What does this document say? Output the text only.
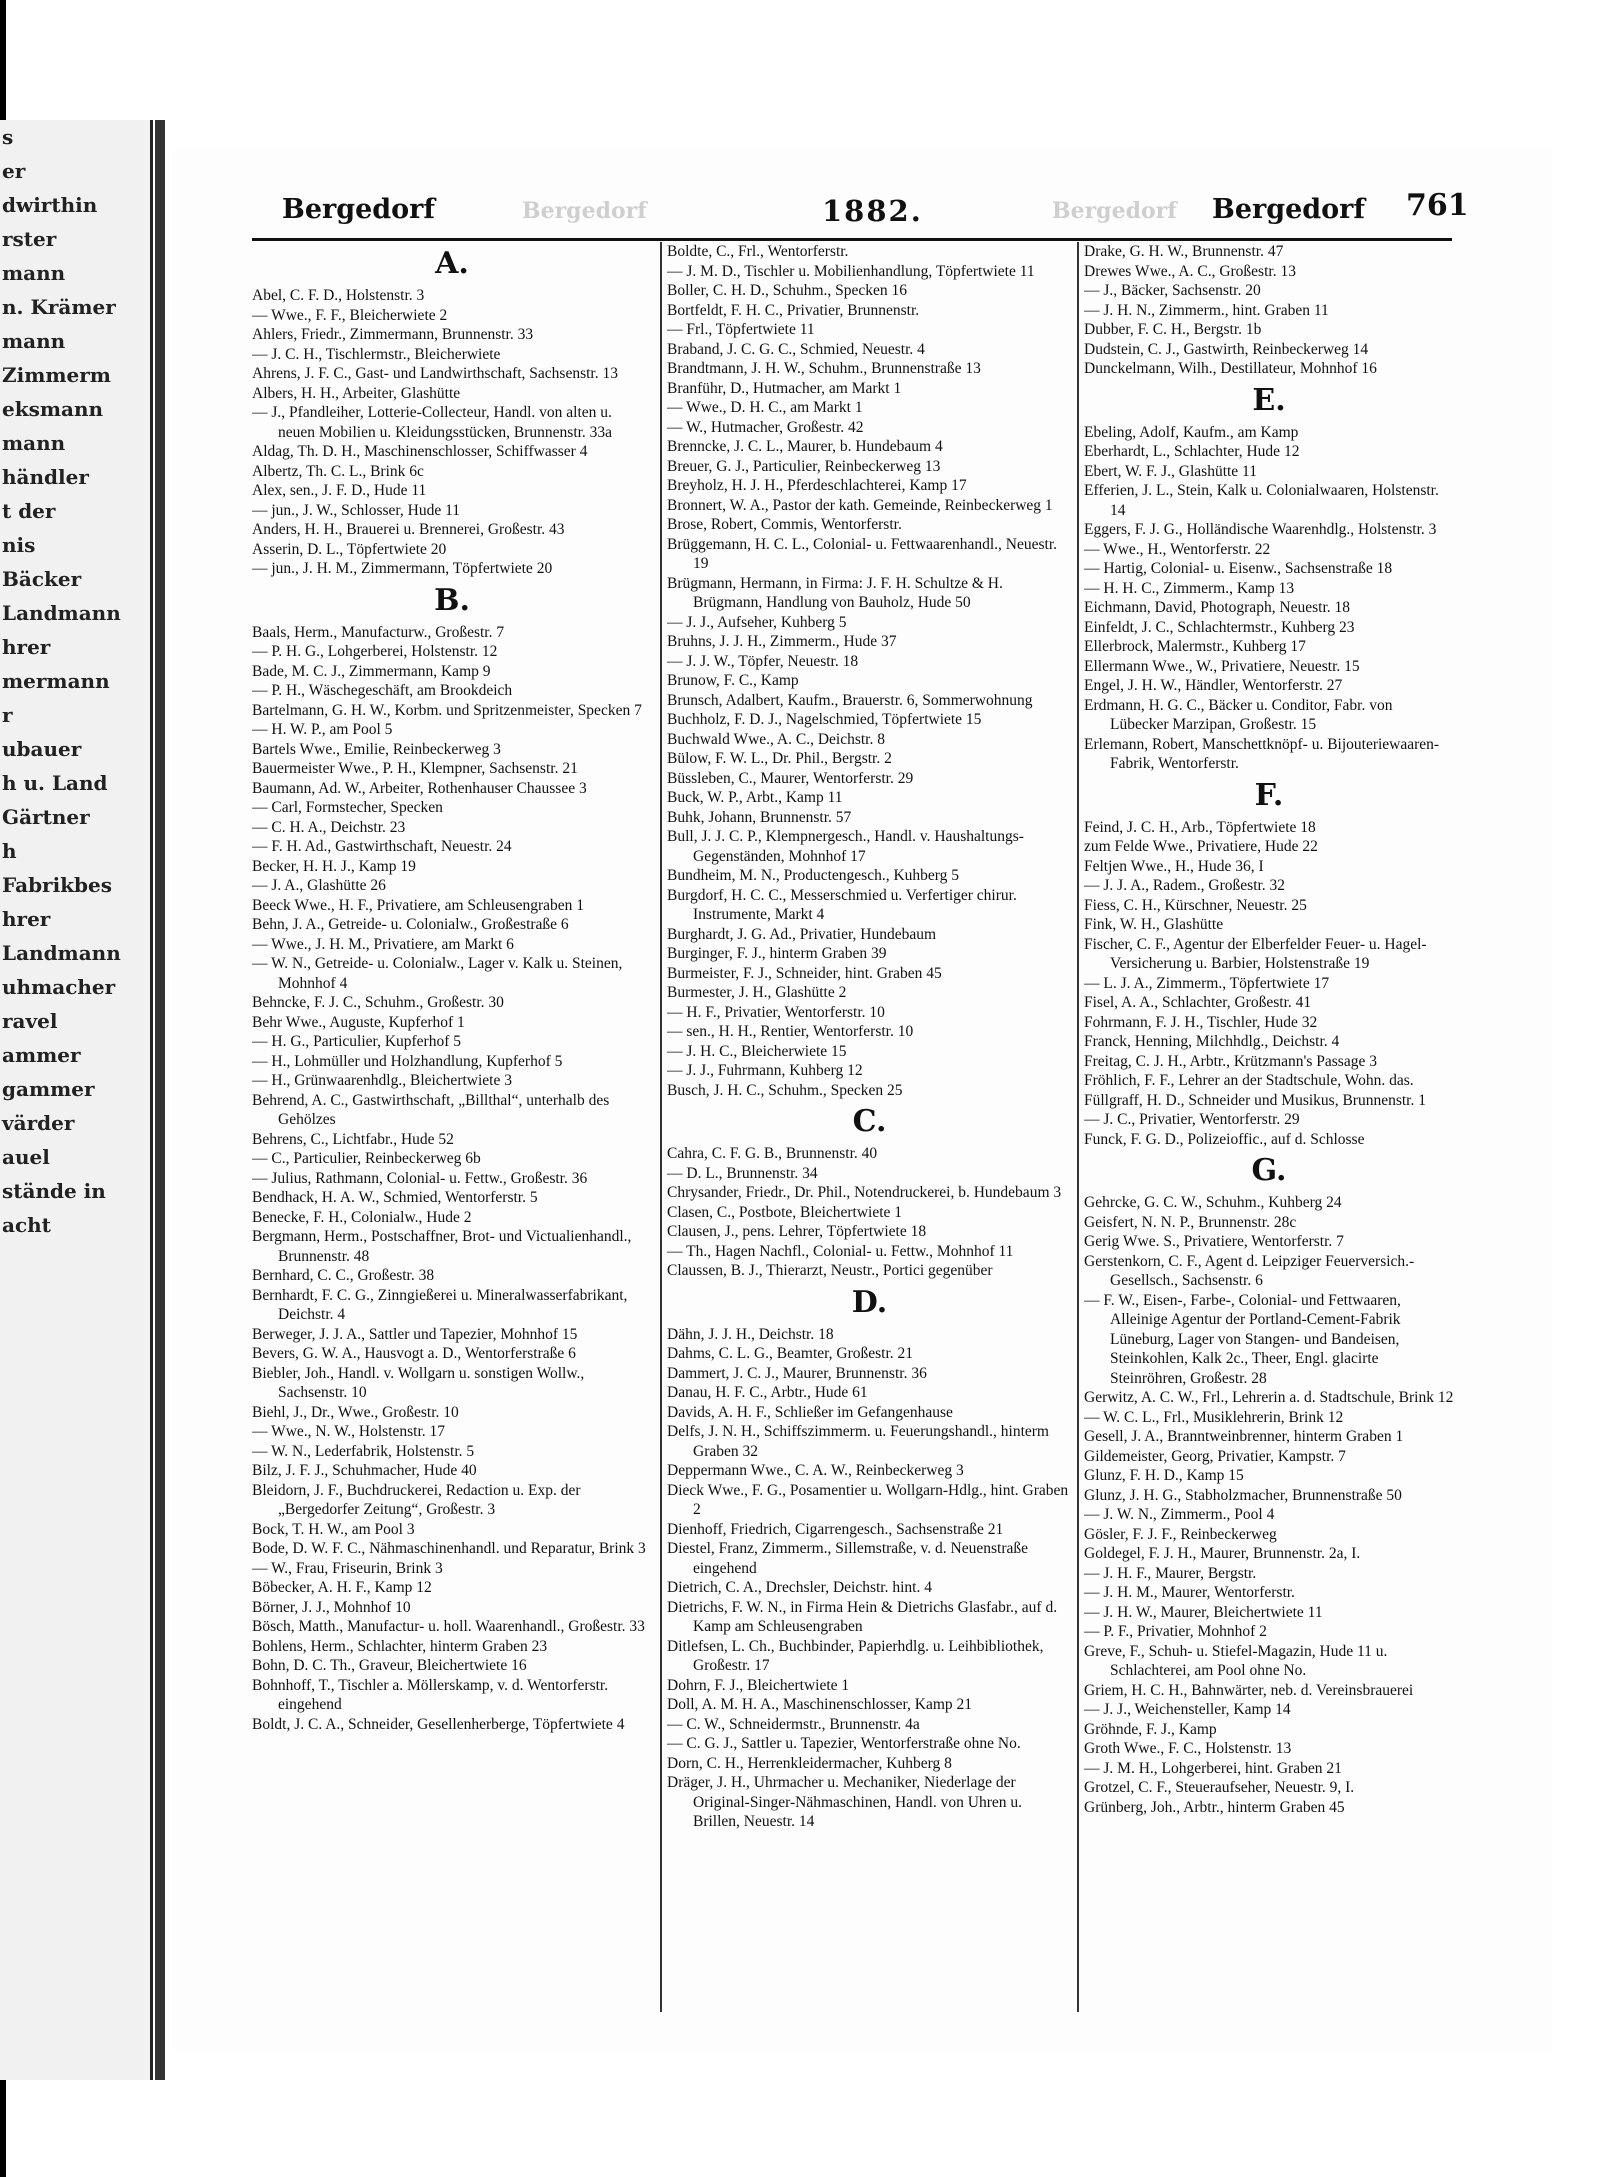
s
er
dwirthin
rster
mann
n. Krämer
mann
Zimmerm
eksmann
mann
händler
t der
nis
Bäcker
Landmann
hrer
mermann
r
ubauer
h u. Land
Gärtner
h
Fabrikbes
hrer
Landmann
uhmacher
ravel
ammer
gammer
värder
auel
stände in
acht
Bergedorf	Bergedorf	1882.	Bergedorf Bergedorf 761
A.
Abel, C. F. D., Holstenstr. 3
— Wwe., F. F., Bleicherwiete 2
Ahlers, Friedr., Zimmermann, Brunnenstr. 33
— J. C. H., Tischlermstr., Bleicherwiete
Ahrens, J. F. C., Gast- und Landwirthschaft, Sachsenstr. 13
Albers, H. H., Arbeiter, Glashütte
— J., Pfandleiher, Lotterie-Collecteur, Handl. von alten u. neuen Mobilien u. Kleidungsstücken, Brunnenstr. 33a
Aldag, Th. D. H., Maschinenschlosser, Schiffwasser 4
Albertz, Th. C. L., Brink 6c
Alex, sen., J. F. D., Hude 11
— jun., J. W., Schlosser, Hude 11
Anders, H. H., Brauerei u. Brennerei, Großestr. 43
Asserin, D. L., Töpfertwiete 20
— jun., J. H. M., Zimmermann, Töpfertwiete 20
B.
Baals, Herm., Manufacturw., Großestr. 7
— P. H. G., Lohgerberei, Holstenstr. 12
Bade, M. C. J., Zimmermann, Kamp 9
— P. H., Wäschegeschäft, am Brookdeich
Bartelmann, G. H. W., Korbm. und Spritzenmeister, Specken 7
— H. W. P., am Pool 5
Bartels Wwe., Emilie, Reinbeckerweg 3
Bauermeister Wwe., P. H., Klempner, Sachsenstr. 21
Baumann, Ad. W., Arbeiter, Rothenhauser Chaussee 3
— Carl, Formstecher, Specken
— C. H. A., Deichstr. 23
— F. H. Ad., Gastwirthschaft, Neuestr. 24
Becker, H. H. J., Kamp 19
— J. A., Glashütte 26
Beeck Wwe., H. F., Privatiere, am Schleusengraben 1
Behn, J. A., Getreide- u. Colonialw., Großestraße 6
— Wwe., J. H. M., Privatiere, am Markt 6
— W. N., Getreide- u. Colonialw., Lager v. Kalk u. Steinen, Mohnhof 4
Behncke, F. J. C., Schuhm., Großestr. 30
Behr Wwe., Auguste, Kupferhof 1
— H. G., Particulier, Kupferhof 5
— H., Lohmüller und Holzhandlung, Kupferhof 5
— H., Grünwaarenhdlg., Bleichertwiete 3
Behrend, A. C., Gastwirthschaft, „Billthal“, unterhalb des Gehölzes
Behrens, C., Lichtfabr., Hude 52
— C., Particulier, Reinbeckerweg 6b
— Julius, Rathmann, Colonial- u. Fettw., Großestr. 36
Bendhack, H. A. W., Schmied, Wentorferstr. 5
Benecke, F. H., Colonialw., Hude 2
Bergmann, Herm., Postschaffner, Brot- und Victualienhandl., Brunnenstr. 48
Bernhard, C. C., Großestr. 38
Bernhardt, F. C. G., Zinngießerei u. Mineralwasserfabrikant, Deichstr. 4
Berweger, J. J. A., Sattler und Tapezier, Mohnhof 15
Bevers, G. W. A., Hausvogt a. D., Wentorferstraße 6
Biebler, Joh., Handl. v. Wollgarn u. sonstigen Wollw., Sachsenstr. 10
Biehl, J., Dr., Wwe., Großestr. 10
— Wwe., N. W., Holstenstr. 17
— W. N., Lederfabrik, Holstenstr. 5
Bilz, J. F. J., Schuhmacher, Hude 40
Bleidorn, J. F., Buchdruckerei, Redaction u. Exp. der „Bergedorfer Zeitung“, Großestr. 3
Bock, T. H. W., am Pool 3
Bode, D. W. F. C., Nähmaschinenhandl. und Reparatur, Brink 3
— W., Frau, Friseurin, Brink 3
Böbecker, A. H. F., Kamp 12
Börner, J. J., Mohnhof 10
Bösch, Matth., Manufactur- u. holl. Waarenhandl., Großestr. 33
Bohlens, Herm., Schlachter, hinterm Graben 23
Bohn, D. C. Th., Graveur, Bleichertwiete 16
Bohnhoff, T., Tischler a. Möllerskamp, v. d. Wentorferstr. eingehend
Boldt, J. C. A., Schneider, Gesellenherberge, Töpfertwiete 4
Boldte, C., Frl., Wentorferstr.
— J. M. D., Tischler u. Mobilienhandlung, Töpfertwiete 11
Boller, C. H. D., Schuhm., Specken 16
Bortfeldt, F. H. C., Privatier, Brunnenstr.
— Frl., Töpfertwiete 11
Braband, J. C. G. C., Schmied, Neuestr. 4
Brandtmann, J. H. W., Schuhm., Brunnenstraße 13
Branführ, D., Hutmacher, am Markt 1
— Wwe., D. H. C., am Markt 1
— W., Hutmacher, Großestr. 42
Brenncke, J. C. L., Maurer, b. Hundebaum 4
Breuer, G. J., Particulier, Reinbeckerweg 13
Breyholz, H. J. H., Pferdeschlachterei, Kamp 17
Bronnert, W. A., Pastor der kath. Gemeinde, Reinbeckerweg 1
Brose, Robert, Commis, Wentorferstr.
Brüggemann, H. C. L., Colonial- u. Fettwaarenhandl., Neuestr. 19
Brügmann, Hermann, in Firma: J. F. H. Schultze & H. Brügmann, Handlung von Bauholz, Hude 50
— J. J., Aufseher, Kuhberg 5
Bruhns, J. J. H., Zimmerm., Hude 37
— J. J. W., Töpfer, Neuestr. 18
Brunow, F. C., Kamp
Brunsch, Adalbert, Kaufm., Brauerstr. 6, Sommerwohnung
Buchholz, F. D. J., Nagelschmied, Töpfertwiete 15
Buchwald Wwe., A. C., Deichstr. 8
Bülow, F. W. L., Dr. Phil., Bergstr. 2
Büssleben, C., Maurer, Wentorferstr. 29
Buck, W. P., Arbt., Kamp 11
Buhk, Johann, Brunnenstr. 57
Bull, J. J. C. P., Klempnergesch., Handl. v. Haushaltungs-Gegenständen, Mohnhof 17
Bundheim, M. N., Productengesch., Kuhberg 5
Burgdorf, H. C. C., Messerschmied u. Verfertiger chirur. Instrumente, Markt 4
Burghardt, J. G. Ad., Privatier, Hundebaum
Burginger, F. J., hinterm Graben 39
Burmeister, F. J., Schneider, hint. Graben 45
Burmester, J. H., Glashütte 2
— H. F., Privatier, Wentorferstr. 10
— sen., H. H., Rentier, Wentorferstr. 10
— J. H. C., Bleicherwiete 15
— J. J., Fuhrmann, Kuhberg 12
Busch, J. H. C., Schuhm., Specken 25
C.
Cahra, C. F. G. B., Brunnenstr. 40
— D. L., Brunnenstr. 34
Chrysander, Friedr., Dr. Phil., Notendruckerei, b. Hundebaum 3
Clasen, C., Postbote, Bleichertwiete 1
Clausen, J., pens. Lehrer, Töpfertwiete 18
— Th., Hagen Nachfl., Colonial- u. Fettw., Mohnhof 11
Claussen, B. J., Thierarzt, Neustr., Portici gegenüber
D.
Dähn, J. J. H., Deichstr. 18
Dahms, C. L. G., Beamter, Großestr. 21
Dammert, J. C. J., Maurer, Brunnenstr. 36
Danau, H. F. C., Arbtr., Hude 61
Davids, A. H. F., Schließer im Gefangenhause
Delfs, J. N. H., Schiffszimmerm. u. Feuerungshandl., hinterm Graben 32
Deppermann Wwe., C. A. W., Reinbeckerweg 3
Dieck Wwe., F. G., Posamentier u. Wollgarn-Hdlg., hint. Graben 2
Dienhoff, Friedrich, Cigarrengesch., Sachsenstraße 21
Diestel, Franz, Zimmerm., Sillemstraße, v. d. Neuenstraße eingehend
Dietrich, C. A., Drechsler, Deichstr. hint. 4
Dietrichs, F. W. N., in Firma Hein & Dietrichs Glasfabr., auf d. Kamp am Schleusengraben
Ditlefsen, L. Ch., Buchbinder, Papierhdlg. u. Leihbibliothek, Großestr. 17
Dohrn, F. J., Bleichertwiete 1
Doll, A. M. H. A., Maschinenschlosser, Kamp 21
— C. W., Schneidermstr., Brunnenstr. 4a
— C. G. J., Sattler u. Tapezier, Wentorferstraße ohne No.
Dorn, C. H., Herrenkleidermacher, Kuhberg 8
Dräger, J. H., Uhrmacher u. Mechaniker, Niederlage der Original-Singer-Nähmaschinen, Handl. von Uhren u. Brillen, Neuestr. 14
Drake, G. H. W., Brunnenstr. 47
Drewes Wwe., A. C., Großestr. 13
— J., Bäcker, Sachsenstr. 20
— J. H. N., Zimmerm., hint. Graben 11
Dubber, F. C. H., Bergstr. 1b
Dudstein, C. J., Gastwirth, Reinbeckerweg 14
Dunckelmann, Wilh., Destillateur, Mohnhof 16
E.
Ebeling, Adolf, Kaufm., am Kamp
Eberhardt, L., Schlachter, Hude 12
Ebert, W. F. J., Glashütte 11
Efferien, J. L., Stein, Kalk u. Colonialwaaren, Holstenstr. 14
Eggers, F. J. G., Holländische Waarenhdlg., Holstenstr. 3
— Wwe., H., Wentorferstr. 22
— Hartig, Colonial- u. Eisenw., Sachsenstraße 18
— H. H. C., Zimmerm., Kamp 13
Eichmann, David, Photograph, Neuestr. 18
Einfeldt, J. C., Schlachtermstr., Kuhberg 23
Ellerbrock, Malermstr., Kuhberg 17
Ellermann Wwe., W., Privatiere, Neuestr. 15
Engel, J. H. W., Händler, Wentorferstr. 27
Erdmann, H. G. C., Bäcker u. Conditor, Fabr. von Lübecker Marzipan, Großestr. 15
Erlemann, Robert, Manschettknöpf- u. Bijouteriewaaren-Fabrik, Wentorferstr.
F.
Feind, J. C. H., Arb., Töpfertwiete 18
zum Felde Wwe., Privatiere, Hude 22
Feltjen Wwe., H., Hude 36, I
— J. J. A., Radem., Großestr. 32
Fiess, C. H., Kürschner, Neuestr. 25
Fink, W. H., Glashütte
Fischer, C. F., Agentur der Elberfelder Feuer- u. Hagel-Versicherung u. Barbier, Holstenstraße 19
— L. J. A., Zimmerm., Töpfertwiete 17
Fisel, A. A., Schlachter, Großestr. 41
Fohrmann, F. J. H., Tischler, Hude 32
Franck, Henning, Milchhdlg., Deichstr. 4
Freitag, C. J. H., Arbtr., Krützmann's Passage 3
Fröhlich, F. F., Lehrer an der Stadtschule, Wohn. das.
Füllgraff, H. D., Schneider und Musikus, Brunnenstr. 1
— J. C., Privatier, Wentorferstr. 29
Funck, F. G. D., Polizeioffic., auf d. Schlosse
G.
Gehrcke, G. C. W., Schuhm., Kuhberg 24
Geisfert, N. N. P., Brunnenstr. 28c
Gerig Wwe. S., Privatiere, Wentorferstr. 7
Gerstenkorn, C. F., Agent d. Leipziger Feuerversich.-Gesellsch., Sachsenstr. 6
— F. W., Eisen-, Farbe-, Colonial- und Fettwaaren, Alleinige Agentur der Portland-Cement-Fabrik Lüneburg, Lager von Stangen- und Bandeisen, Steinkohlen, Kalk 2c., Theer, Engl. glacirte Steinröhren, Großestr. 28
Gerwitz, A. C. W., Frl., Lehrerin a. d. Stadtschule, Brink 12
— W. C. L., Frl., Musiklehrerin, Brink 12
Gesell, J. A., Branntweinbrenner, hinterm Graben 1
Gildemeister, Georg, Privatier, Kampstr. 7
Glunz, F. H. D., Kamp 15
Glunz, J. H. G., Stabholzmacher, Brunnenstraße 50
— J. W. N., Zimmerm., Pool 4
Gösler, F. J. F., Reinbeckerweg
Goldegel, F. J. H., Maurer, Brunnenstr. 2a, I.
— J. H. F., Maurer, Bergstr.
— J. H. M., Maurer, Wentorferstr.
— J. H. W., Maurer, Bleichertwiete 11
— P. F., Privatier, Mohnhof 2
Greve, F., Schuh- u. Stiefel-Magazin, Hude 11 u. Schlachterei, am Pool ohne No.
Griem, H. C. H., Bahnwärter, neb. d. Vereinsbrauerei
— J. J., Weichensteller, Kamp 14
Gröhnde, F. J., Kamp
Groth Wwe., F. C., Holstenstr. 13
— J. M. H., Lohgerberei, hint. Graben 21
Grotzel, C. F., Steueraufseher, Neuestr. 9, I.
Grünberg, Joh., Arbtr., hinterm Graben 45
